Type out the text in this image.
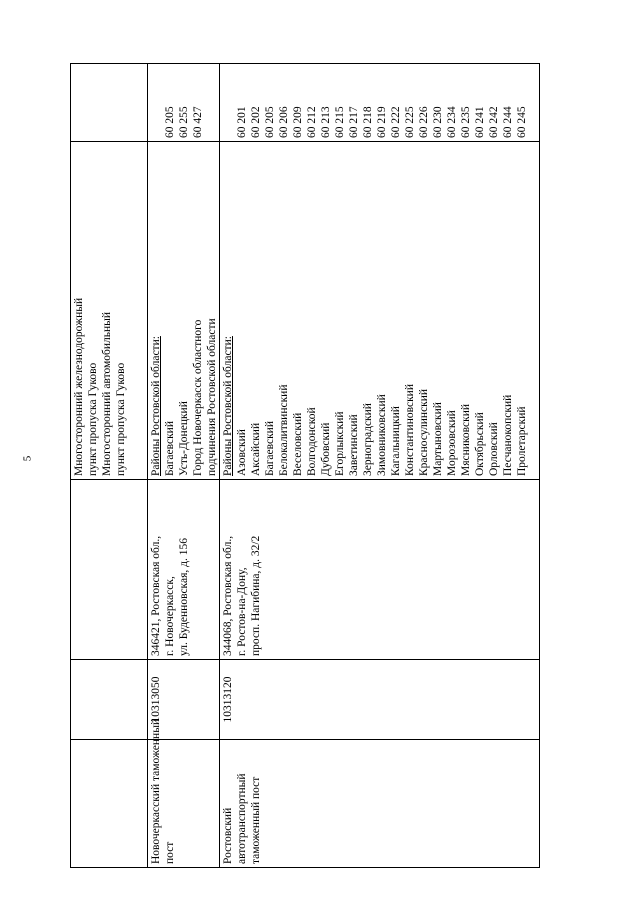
5	Многосторонний железнодорожный пункт пропуска Гуково Многосторонний автомобильный пункт пропуска Гуково
Новочеркасский таможенный пост
10313050
346421, Ростовская обл., г. Новочеркасск, ул. Буденновская, д. 156
Районы Ростовской области: Багаевский Усть-Донецкий Город Новочеркасск областного подчинения Ростовской области
60 205 60 255 60 427
Ростовский автотранспортный таможенный пост
10313120
344068, Ростовская обл., г. Ростов-на-Дону, просп. Нагибина, д. 32/2
Районы Ростовской области: Азовский Аксайский Багаевский Белокалитвинский Веселовский Волгодонской Дубовский Егорлыкский Заветинский Зерноградский Зимовниковский Кагальницкий Константиновский Красносулинский Мартыновский Морозовский Мясниковский Октябрьский Орловский Песчанокопский Пролетарский
60 201 60 202 60 205 60 206 60 209 60 212 60 213 60 215 60 217 60 218 60 219 60 222 60 225 60 226 60 230 60 234 60 235 60 241 60 242 60 244 60 245
